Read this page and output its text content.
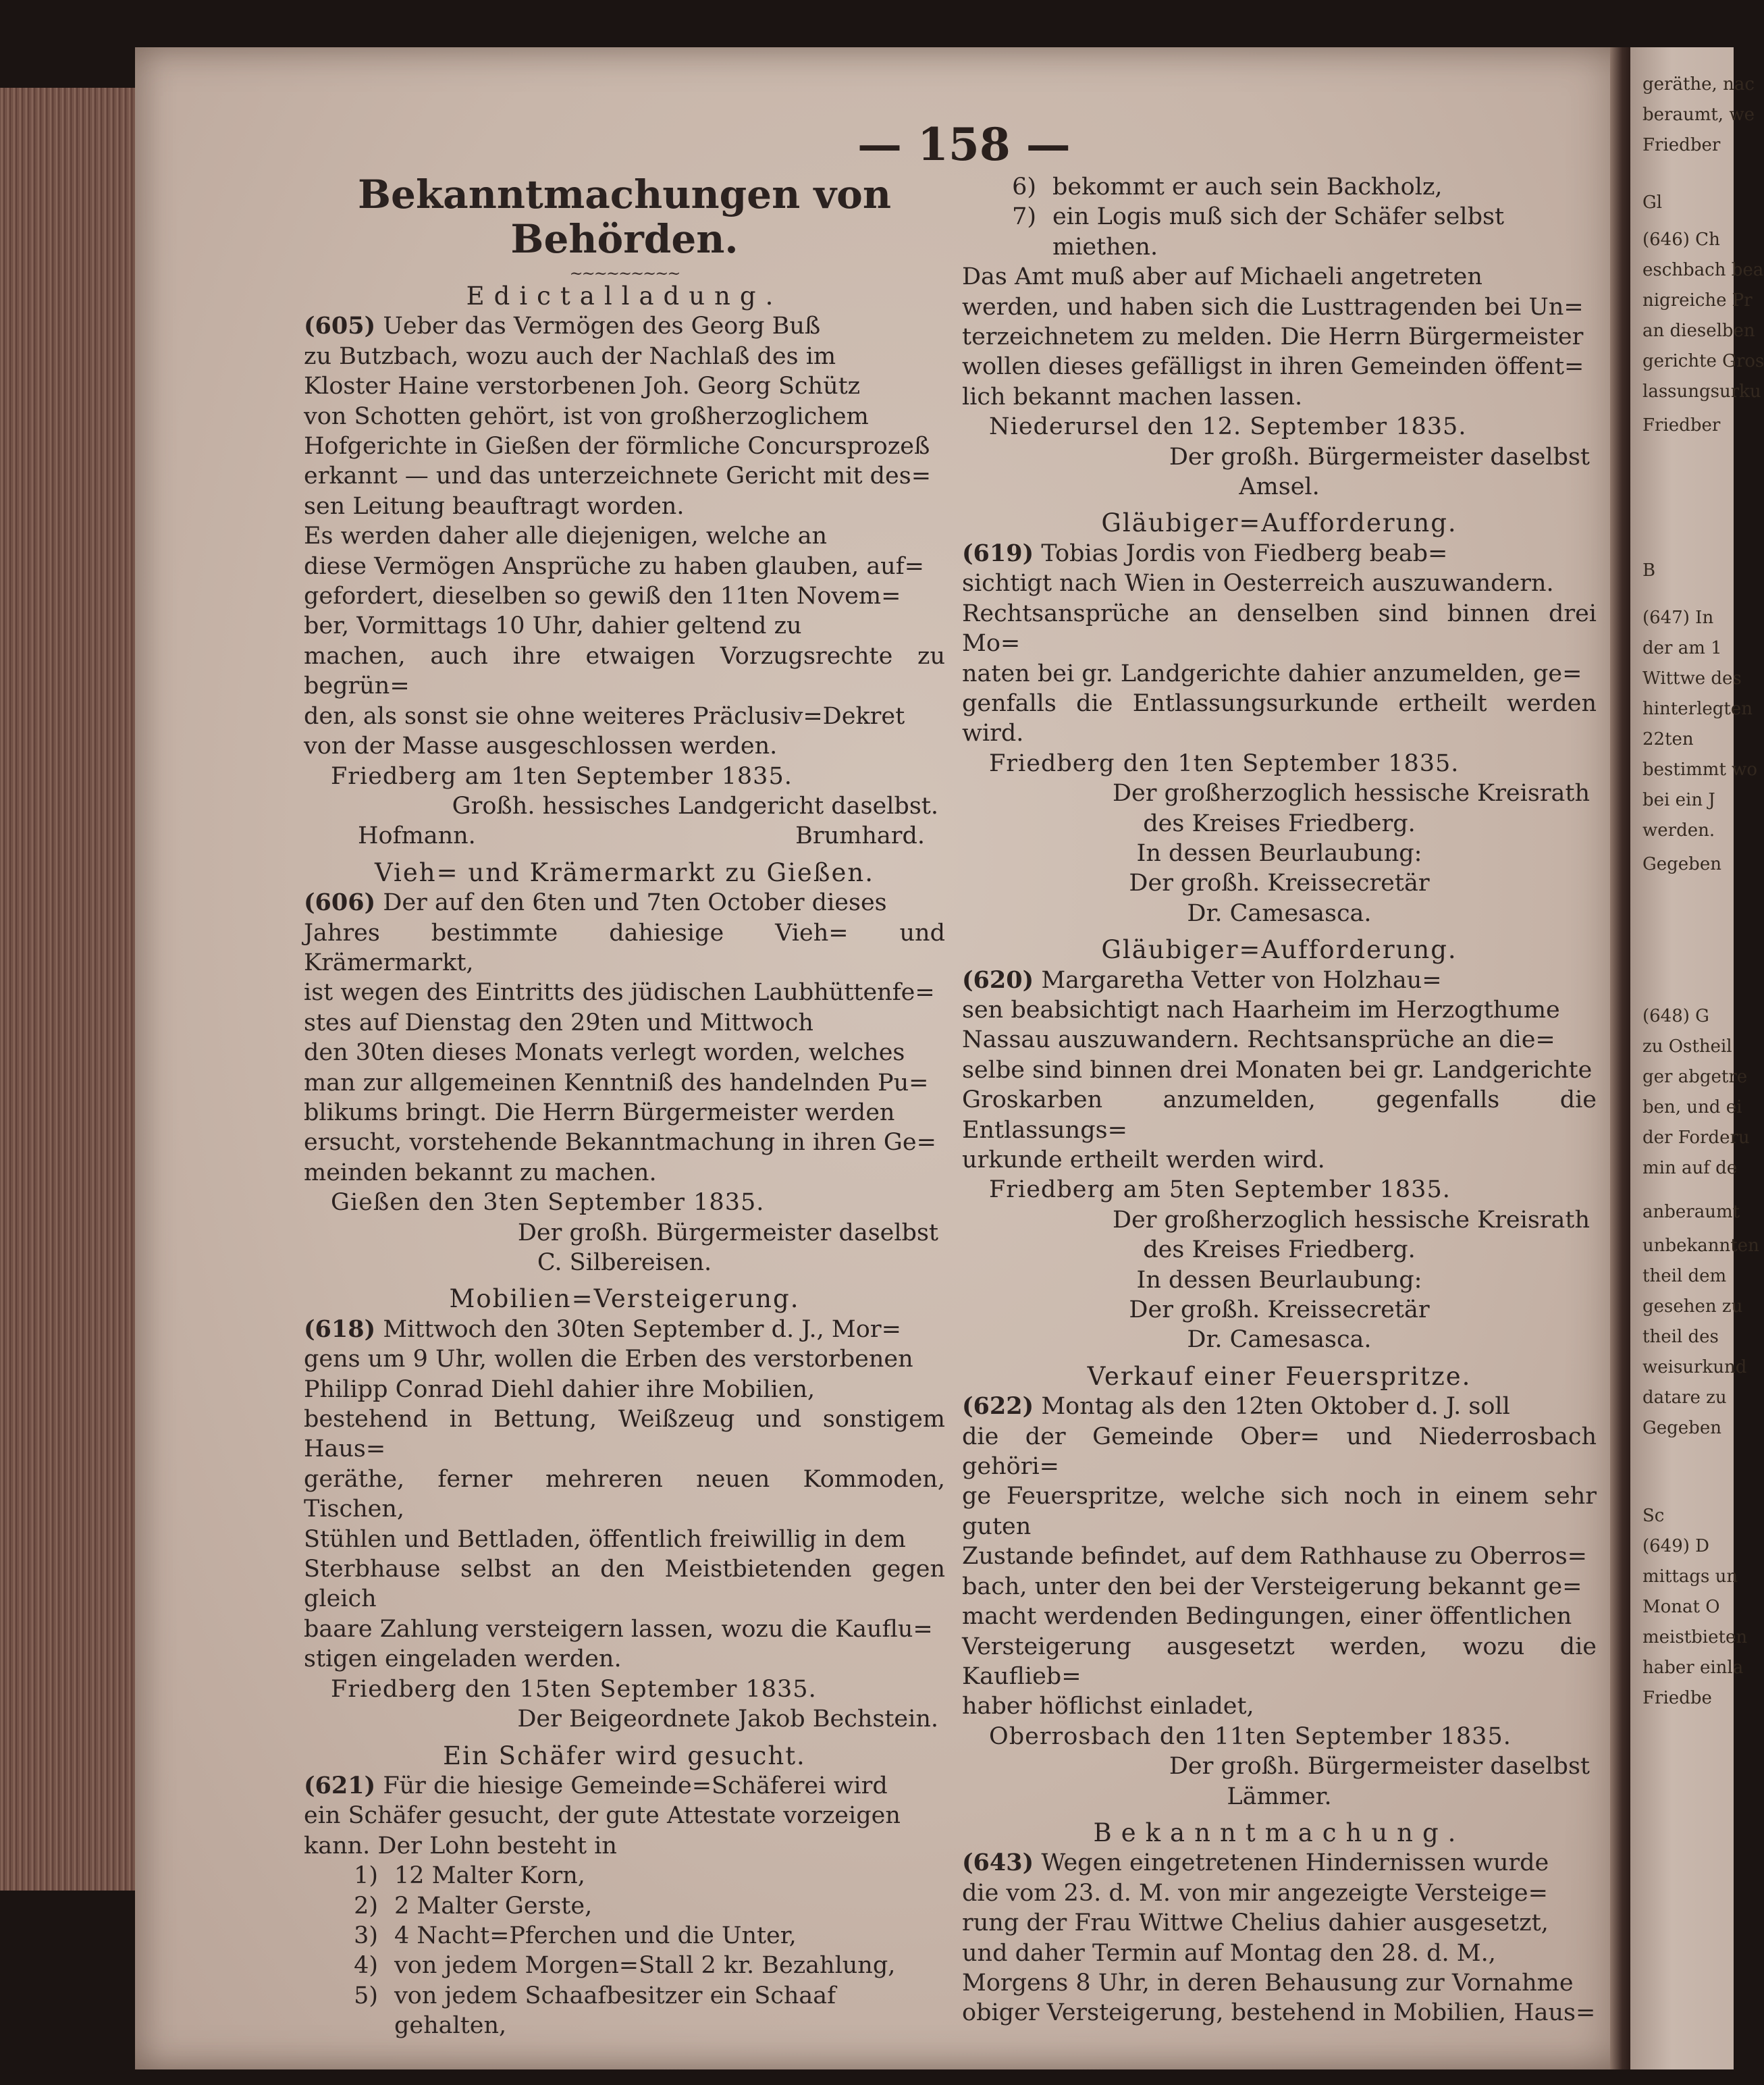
geräthe, nac
beraumt, we
Friedber
Gl
(646) Ch
eschbach bea
nigreiche Pr
an dieselben
gerichte Gros
lassungsurku
Friedber
B
(647) In
der am 1
Wittwe des
hinterlegten
22ten
bestimmt wo
bei ein J
werden.
Gegeben
(648) G
zu Ostheil
ger abgetre
ben, und ei
der Forderu
min auf de
anberaumt
unbekannten
theil dem
gesehen zu
theil des
weisurkund
datare zu
Gegeben
Sc
(649) D
mittags un
Monat O
meistbieten
haber einla
Friedbe
— 158 —

Bekanntmachungen von Behörden.

~~~~~~~~~

Edictalladung.

(605) Ueber das Vermögen des Georg Buß
zu Butzbach, wozu auch der Nachlaß des im
Kloster Haine verstorbenen Joh. Georg Schütz
von Schotten gehört, ist von großherzoglichem
Hofgerichte in Gießen der förmliche Concursprozeß
erkannt — und das unterzeichnete Gericht mit des=
sen Leitung beauftragt worden.
Es werden daher alle diejenigen, welche an
diese Vermögen Ansprüche zu haben glauben, auf=
gefordert, dieselben so gewiß den 11ten Novem=
ber, Vormittags 10 Uhr, dahier geltend zu
machen, auch ihre etwaigen Vorzugsrechte zu begrün=
den, als sonst sie ohne weiteres Präclusiv=Dekret
von der Masse ausgeschlossen werden.

Friedberg am 1ten September 1835.

Großh. hessisches Landgericht daselbst.

Hofmann.	Brumhard.

Vieh= und Krämermarkt zu Gießen.

(606) Der auf den 6ten und 7ten October dieses
Jahres bestimmte dahiesige Vieh= und Krämermarkt,
ist wegen des Eintritts des jüdischen Laubhüttenfe=
stes auf Dienstag den 29ten und Mittwoch
den 30ten dieses Monats verlegt worden, welches
man zur allgemeinen Kenntniß des handelnden Pu=
blikums bringt. Die Herrn Bürgermeister werden
ersucht, vorstehende Bekanntmachung in ihren Ge=
meinden bekannt zu machen.

Gießen den 3ten September 1835.

Der großh. Bürgermeister daselbst

C. Silbereisen.

Mobilien=Versteigerung.

(618) Mittwoch den 30ten September d. J., Mor=
gens um 9 Uhr, wollen die Erben des verstorbenen
Philipp Conrad Diehl dahier ihre Mobilien,
bestehend in Bettung, Weißzeug und sonstigem Haus=
geräthe, ferner mehreren neuen Kommoden, Tischen,
Stühlen und Bettladen, öffentlich freiwillig in dem
Sterbhause selbst an den Meistbietenden gegen gleich
baare Zahlung versteigern lassen, wozu die Kauflu=
stigen eingeladen werden.

Friedberg den 15ten September 1835.

Der Beigeordnete Jakob Bechstein.

Ein Schäfer wird gesucht.

(621) Für die hiesige Gemeinde=Schäferei wird
ein Schäfer gesucht, der gute Attestate vorzeigen
kann. Der Lohn besteht in
1) 12 Malter Korn,
2) 2 Malter Gerste,
3) 4 Nacht=Pferchen und die Unter,
4) von jedem Morgen=Stall 2 kr. Bezahlung,
5) von jedem Schaafbesitzer ein Schaaf gehalten,
6) bekommt er auch sein Backholz,
7) ein Logis muß sich der Schäfer selbst miethen.
Das Amt muß aber auf Michaeli angetreten
werden, und haben sich die Lusttragenden bei Un=
terzeichnetem zu melden. Die Herrn Bürgermeister
wollen dieses gefälligst in ihren Gemeinden öffent=
lich bekannt machen lassen.

Niederursel den 12. September 1835.

Der großh. Bürgermeister daselbst

Amsel.

Gläubiger=Aufforderung.

(619) Tobias Jordis von Fiedberg beab=
sichtigt nach Wien in Oesterreich auszuwandern.
Rechtsansprüche an denselben sind binnen drei Mo=
naten bei gr. Landgerichte dahier anzumelden, ge=
genfalls die Entlassungsurkunde ertheilt werden wird.

Friedberg den 1ten September 1835.

Der großherzoglich hessische Kreisrath

des Kreises Friedberg.

In dessen Beurlaubung:

Der großh. Kreissecretär

Dr. Camesasca.

Gläubiger=Aufforderung.

(620) Margaretha Vetter von Holzhau=
sen beabsichtigt nach Haarheim im Herzogthume
Nassau auszuwandern. Rechtsansprüche an die=
selbe sind binnen drei Monaten bei gr. Landgerichte
Groskarben anzumelden, gegenfalls die Entlassungs=
urkunde ertheilt werden wird.

Friedberg am 5ten September 1835.

Der großherzoglich hessische Kreisrath

des Kreises Friedberg.

In dessen Beurlaubung:

Der großh. Kreissecretär

Dr. Camesasca.

Verkauf einer Feuerspritze.

(622) Montag als den 12ten Oktober d. J. soll
die der Gemeinde Ober= und Niederrosbach gehöri=
ge Feuerspritze, welche sich noch in einem sehr guten
Zustande befindet, auf dem Rathhause zu Oberros=
bach, unter den bei der Versteigerung bekannt ge=
macht werdenden Bedingungen, einer öffentlichen
Versteigerung ausgesetzt werden, wozu die Kauflieb=
haber höflichst einladet,

Oberrosbach den 11ten September 1835.

Der großh. Bürgermeister daselbst

Lämmer.

Bekanntmachung.

(643) Wegen eingetretenen Hindernissen wurde
die vom 23. d. M. von mir angezeigte Versteige=
rung der Frau Wittwe Chelius dahier ausgesetzt,
und daher Termin auf Montag den 28. d. M.,
Morgens 8 Uhr, in deren Behausung zur Vornahme
obiger Versteigerung, bestehend in Mobilien, Haus=
